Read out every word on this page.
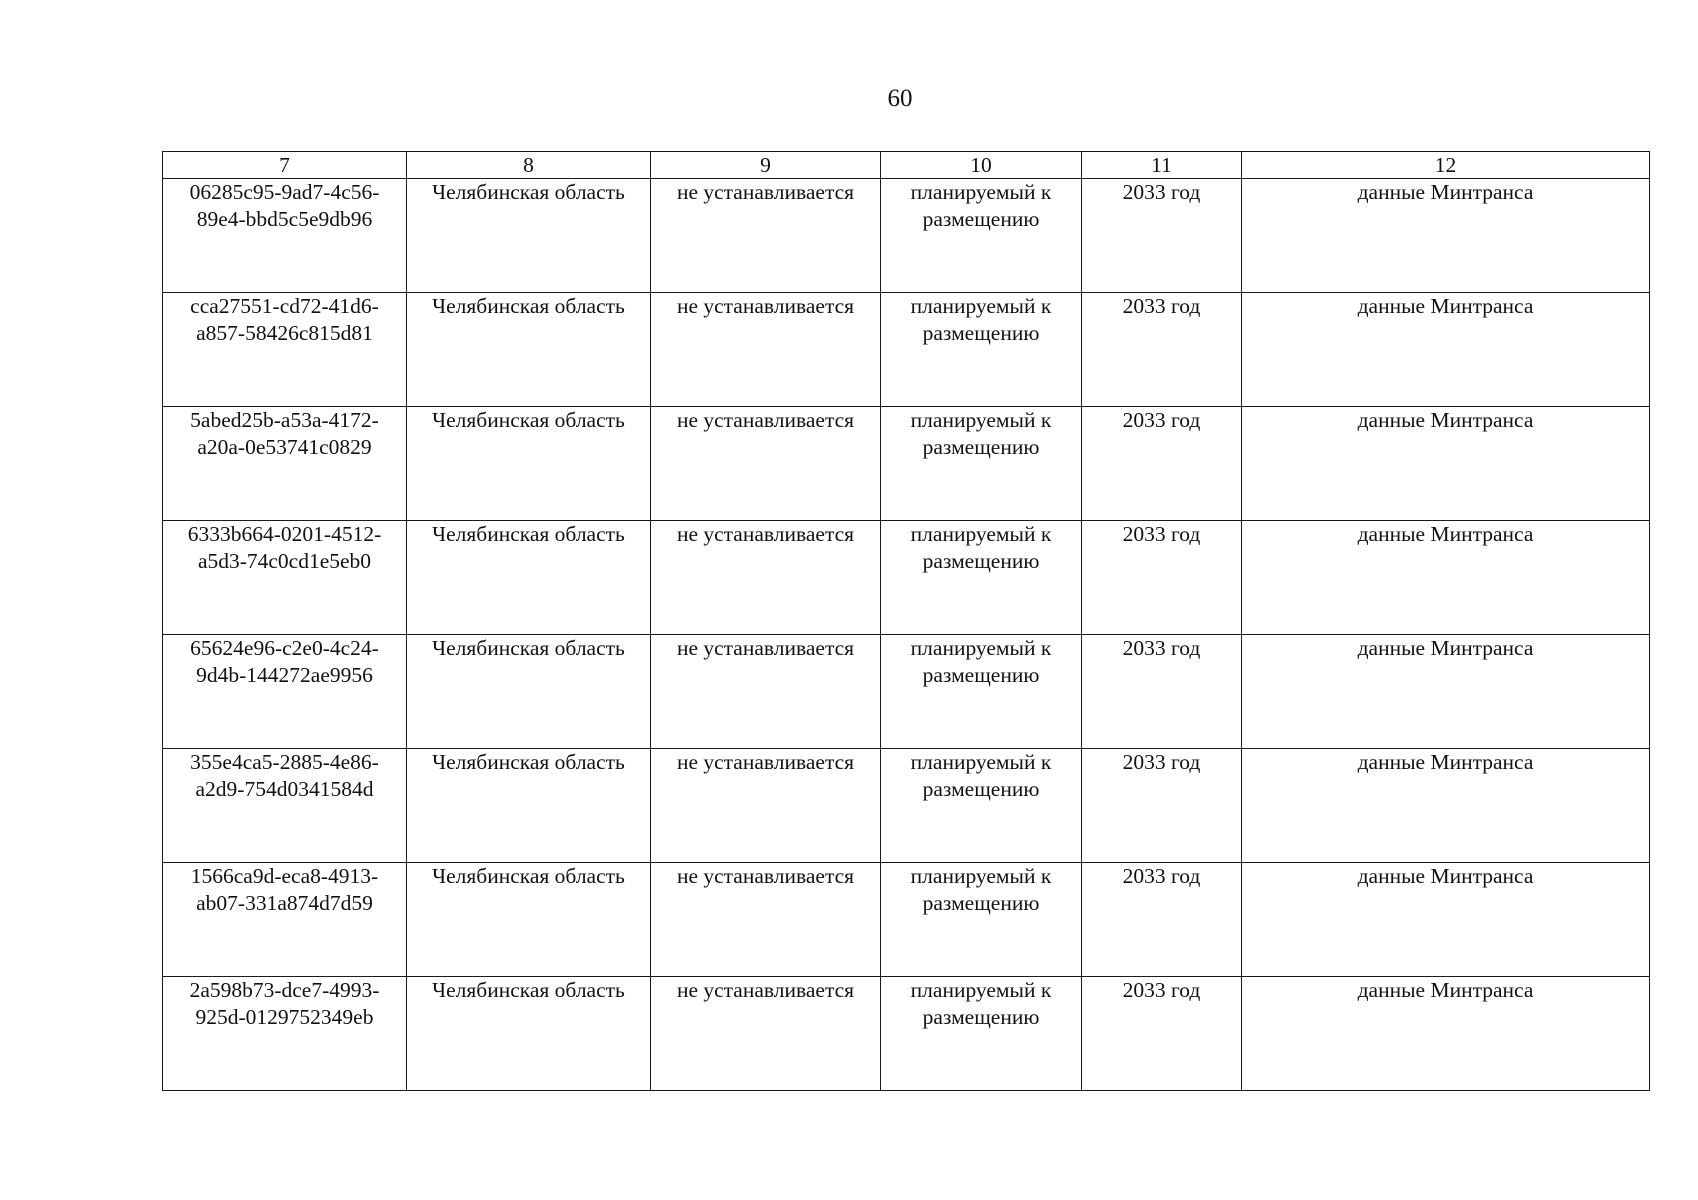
60
7	8	9	10	11	12

06285c95-9ad7-4c56-
89e4-bbd5c5e9db96	Челябинская область	не устанавливается	планируемый к
размещению	2033 год	данные Минтранса

cca27551-cd72-41d6-
a857-58426c815d81	Челябинская область	не устанавливается	планируемый к
размещению	2033 год	данные Минтранса

5abed25b-a53a-4172-
a20a-0e53741c0829	Челябинская область	не устанавливается	планируемый к
размещению	2033 год	данные Минтранса

6333b664-0201-4512-
a5d3-74c0cd1e5eb0	Челябинская область	не устанавливается	планируемый к
размещению	2033 год	данные Минтранса

65624e96-c2e0-4c24-
9d4b-144272ae9956	Челябинская область	не устанавливается	планируемый к
размещению	2033 год	данные Минтранса

355e4ca5-2885-4e86-
a2d9-754d0341584d	Челябинская область	не устанавливается	планируемый к
размещению	2033 год	данные Минтранса

1566ca9d-eca8-4913-
ab07-331a874d7d59	Челябинская область	не устанавливается	планируемый к
размещению	2033 год	данные Минтранса

2a598b73-dce7-4993-
925d-0129752349eb	Челябинская область	не устанавливается	планируемый к
размещению	2033 год	данные Минтранса
